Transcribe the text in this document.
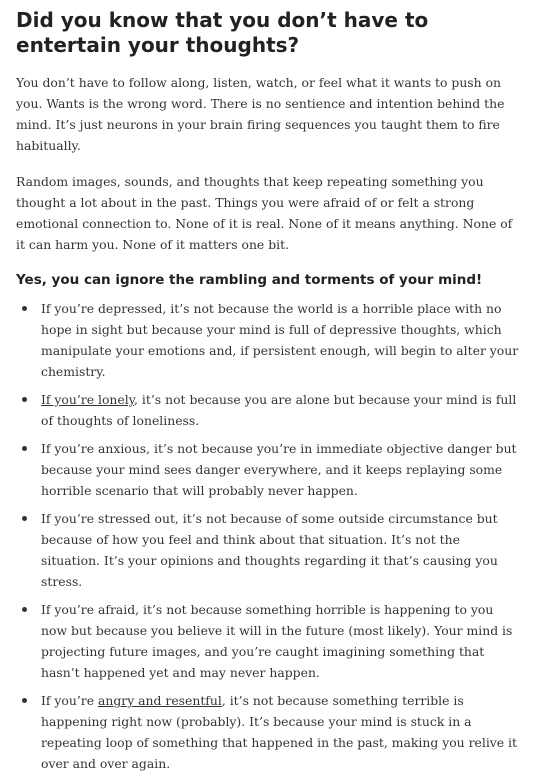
Did you know that you don’t have to entertain your thoughts?

You don’t have to follow along, listen, watch, or feel what it wants to push on you. Wants is the wrong word. There is no sentience and intention behind the mind. It’s just neurons in your brain firing sequences you taught them to fire habitually.

Random images, sounds, and thoughts that keep repeating something you thought a lot about in the past. Things you were afraid of or felt a strong emotional connection to. None of it is real. None of it means anything. None of it can harm you. None of it matters one bit.

Yes, you can ignore the rambling and torments of your mind!
If you’re depressed, it’s not because the world is a horrible place with no hope in sight but because your mind is full of depressive thoughts, which manipulate your emotions and, if persistent enough, will begin to alter your chemistry.
If you’re lonely, it’s not because you are alone but because your mind is full of thoughts of loneliness.
If you’re anxious, it’s not because you’re in immediate objective danger but because your mind sees danger everywhere, and it keeps replaying some horrible scenario that will probably never happen.
If you’re stressed out, it’s not because of some outside circumstance but because of how you feel and think about that situation. It’s not the situation. It’s your opinions and thoughts regarding it that’s causing you stress.
If you’re afraid, it’s not because something horrible is happening to you now but because you believe it will in the future (most likely). Your mind is projecting future images, and you’re caught imagining something that hasn’t happened yet and may never happen.
If you’re angry and resentful, it’s not because something terrible is happening right now (probably). It’s because your mind is stuck in a repeating loop of something that happened in the past, making you relive it over and over again.
